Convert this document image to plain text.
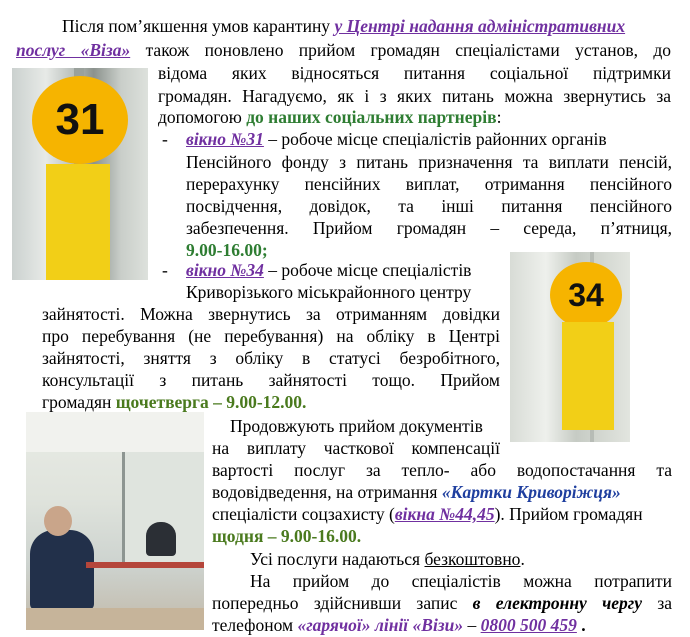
31
34
Після пом’якшення умов карантину у Центрі надання адміністративних
послуг «Віза» також поновлено прийом громадян спеціалістами установ, до
відома яких відносяться питання соціальної підтримки
громадян. Нагадуємо, як і з яких питань можна звернутись за
допомогою до наших соціальних партнерів:
- вікно №31 – робоче місце спеціалістів районних органів
Пенсійного фонду з питань призначення та виплати пенсій,
перерахунку пенсійних виплат, отримання пенсійного
посвідчення, довідок, та інші питання пенсійного
забезпечення. Прийом громадян – середа, п’ятниця,
9.00-16.00;
- вікно №34 – робоче місце спеціалістів
Криворізького міськрайонного центру
зайнятості. Можна звернутись за отриманням довідки
про перебування (не перебування) на обліку в Центрі
зайнятості, зняття з обліку в статусі безробітного,
консультації з питань зайнятості тощо. Прийом
громадян щочетверга – 9.00-12.00.
Продовжують прийом документів
на виплату часткової компенсації
вартості послуг за тепло- або водопостачання та
водовідведення, на отримання «Картки Криворіжця»
спеціалісти соцзахисту (вікна №44,45). Прийом громадян
щодня – 9.00-16.00.
Усі послуги надаються безкоштовно.
На прийом до спеціалістів можна потрапити
попередньо здійснивши запис в електронну чергу за
телефоном «гарячої» лінії «Візи» – 0800 500 459 .
